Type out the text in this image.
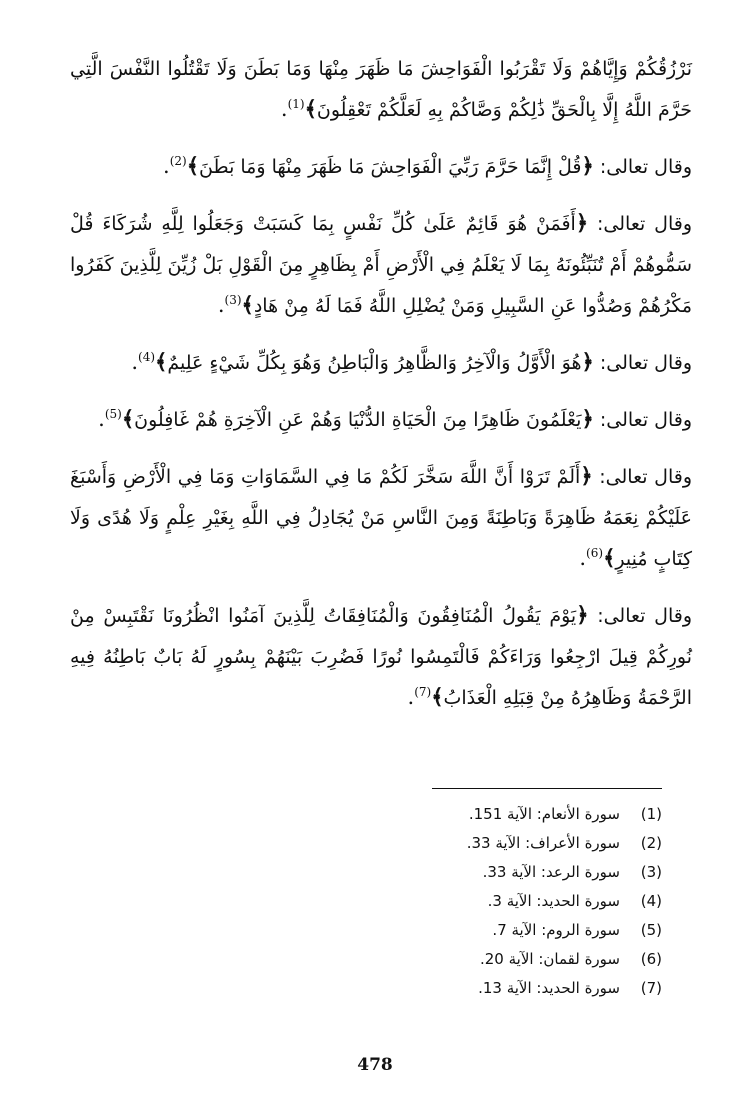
نَرْزُقُكُمْ وَإِيَّاهُمْ وَلَا تَقْرَبُوا الْفَوَاحِشَ مَا ظَهَرَ مِنْهَا وَمَا بَطَنَ وَلَا تَقْتُلُوا النَّفْسَ الَّتِي حَرَّمَ اللَّهُ إِلَّا بِالْحَقِّ ذَٰلِكُمْ وَصَّاكُمْ بِهِ لَعَلَّكُمْ تَعْقِلُونَ﴾$^{(1)}$.

وقال تعالى: ﴿قُلْ إِنَّمَا حَرَّمَ رَبِّيَ الْفَوَاحِشَ مَا ظَهَرَ مِنْهَا وَمَا بَطَنَ﴾$^{(2)}$.

وقال تعالى: ﴿أَفَمَنْ هُوَ قَائِمٌ عَلَىٰ كُلِّ نَفْسٍ بِمَا كَسَبَتْ وَجَعَلُوا لِلَّهِ شُرَكَاءَ قُلْ سَمُّوهُمْ أَمْ تُنَبِّئُونَهُ بِمَا لَا يَعْلَمُ فِي الْأَرْضِ أَمْ بِظَاهِرٍ مِنَ الْقَوْلِ بَلْ زُيِّنَ لِلَّذِينَ كَفَرُوا مَكْرُهُمْ وَصُدُّوا عَنِ السَّبِيلِ وَمَنْ يُضْلِلِ اللَّهُ فَمَا لَهُ مِنْ هَادٍ﴾$^{(3)}$.

وقال تعالى: ﴿هُوَ الْأَوَّلُ وَالْآخِرُ وَالظَّاهِرُ وَالْبَاطِنُ وَهُوَ بِكُلِّ شَيْءٍ عَلِيمٌ﴾$^{(4)}$.

وقال تعالى: ﴿يَعْلَمُونَ ظَاهِرًا مِنَ الْحَيَاةِ الدُّنْيَا وَهُمْ عَنِ الْآخِرَةِ هُمْ غَافِلُونَ﴾$^{(5)}$.

وقال تعالى: ﴿أَلَمْ تَرَوْا أَنَّ اللَّهَ سَخَّرَ لَكُمْ مَا فِي السَّمَاوَاتِ وَمَا فِي الْأَرْضِ وَأَسْبَغَ عَلَيْكُمْ نِعَمَهُ ظَاهِرَةً وَبَاطِنَةً وَمِنَ النَّاسِ مَنْ يُجَادِلُ فِي اللَّهِ بِغَيْرِ عِلْمٍ وَلَا هُدًى وَلَا كِتَابٍ مُنِيرٍ﴾$^{(6)}$.

وقال تعالى: ﴿يَوْمَ يَقُولُ الْمُنَافِقُونَ وَالْمُنَافِقَاتُ لِلَّذِينَ آمَنُوا انْظُرُونَا نَقْتَبِسْ مِنْ نُورِكُمْ قِيلَ ارْجِعُوا وَرَاءَكُمْ فَالْتَمِسُوا نُورًا فَضُرِبَ بَيْنَهُمْ بِسُورٍ لَهُ بَابٌ بَاطِنُهُ فِيهِ الرَّحْمَةُ وَظَاهِرُهُ مِنْ قِبَلِهِ الْعَذَابُ﴾$^{(7)}$.

(1)سورة الأنعام: الآية 151.
(2)سورة الأعراف: الآية 33.
(3)سورة الرعد: الآية 33.
(4)سورة الحديد: الآية 3.
(5)سورة الروم: الآية 7.
(6)سورة لقمان: الآية 20.
(7)سورة الحديد: الآية 13.
478
